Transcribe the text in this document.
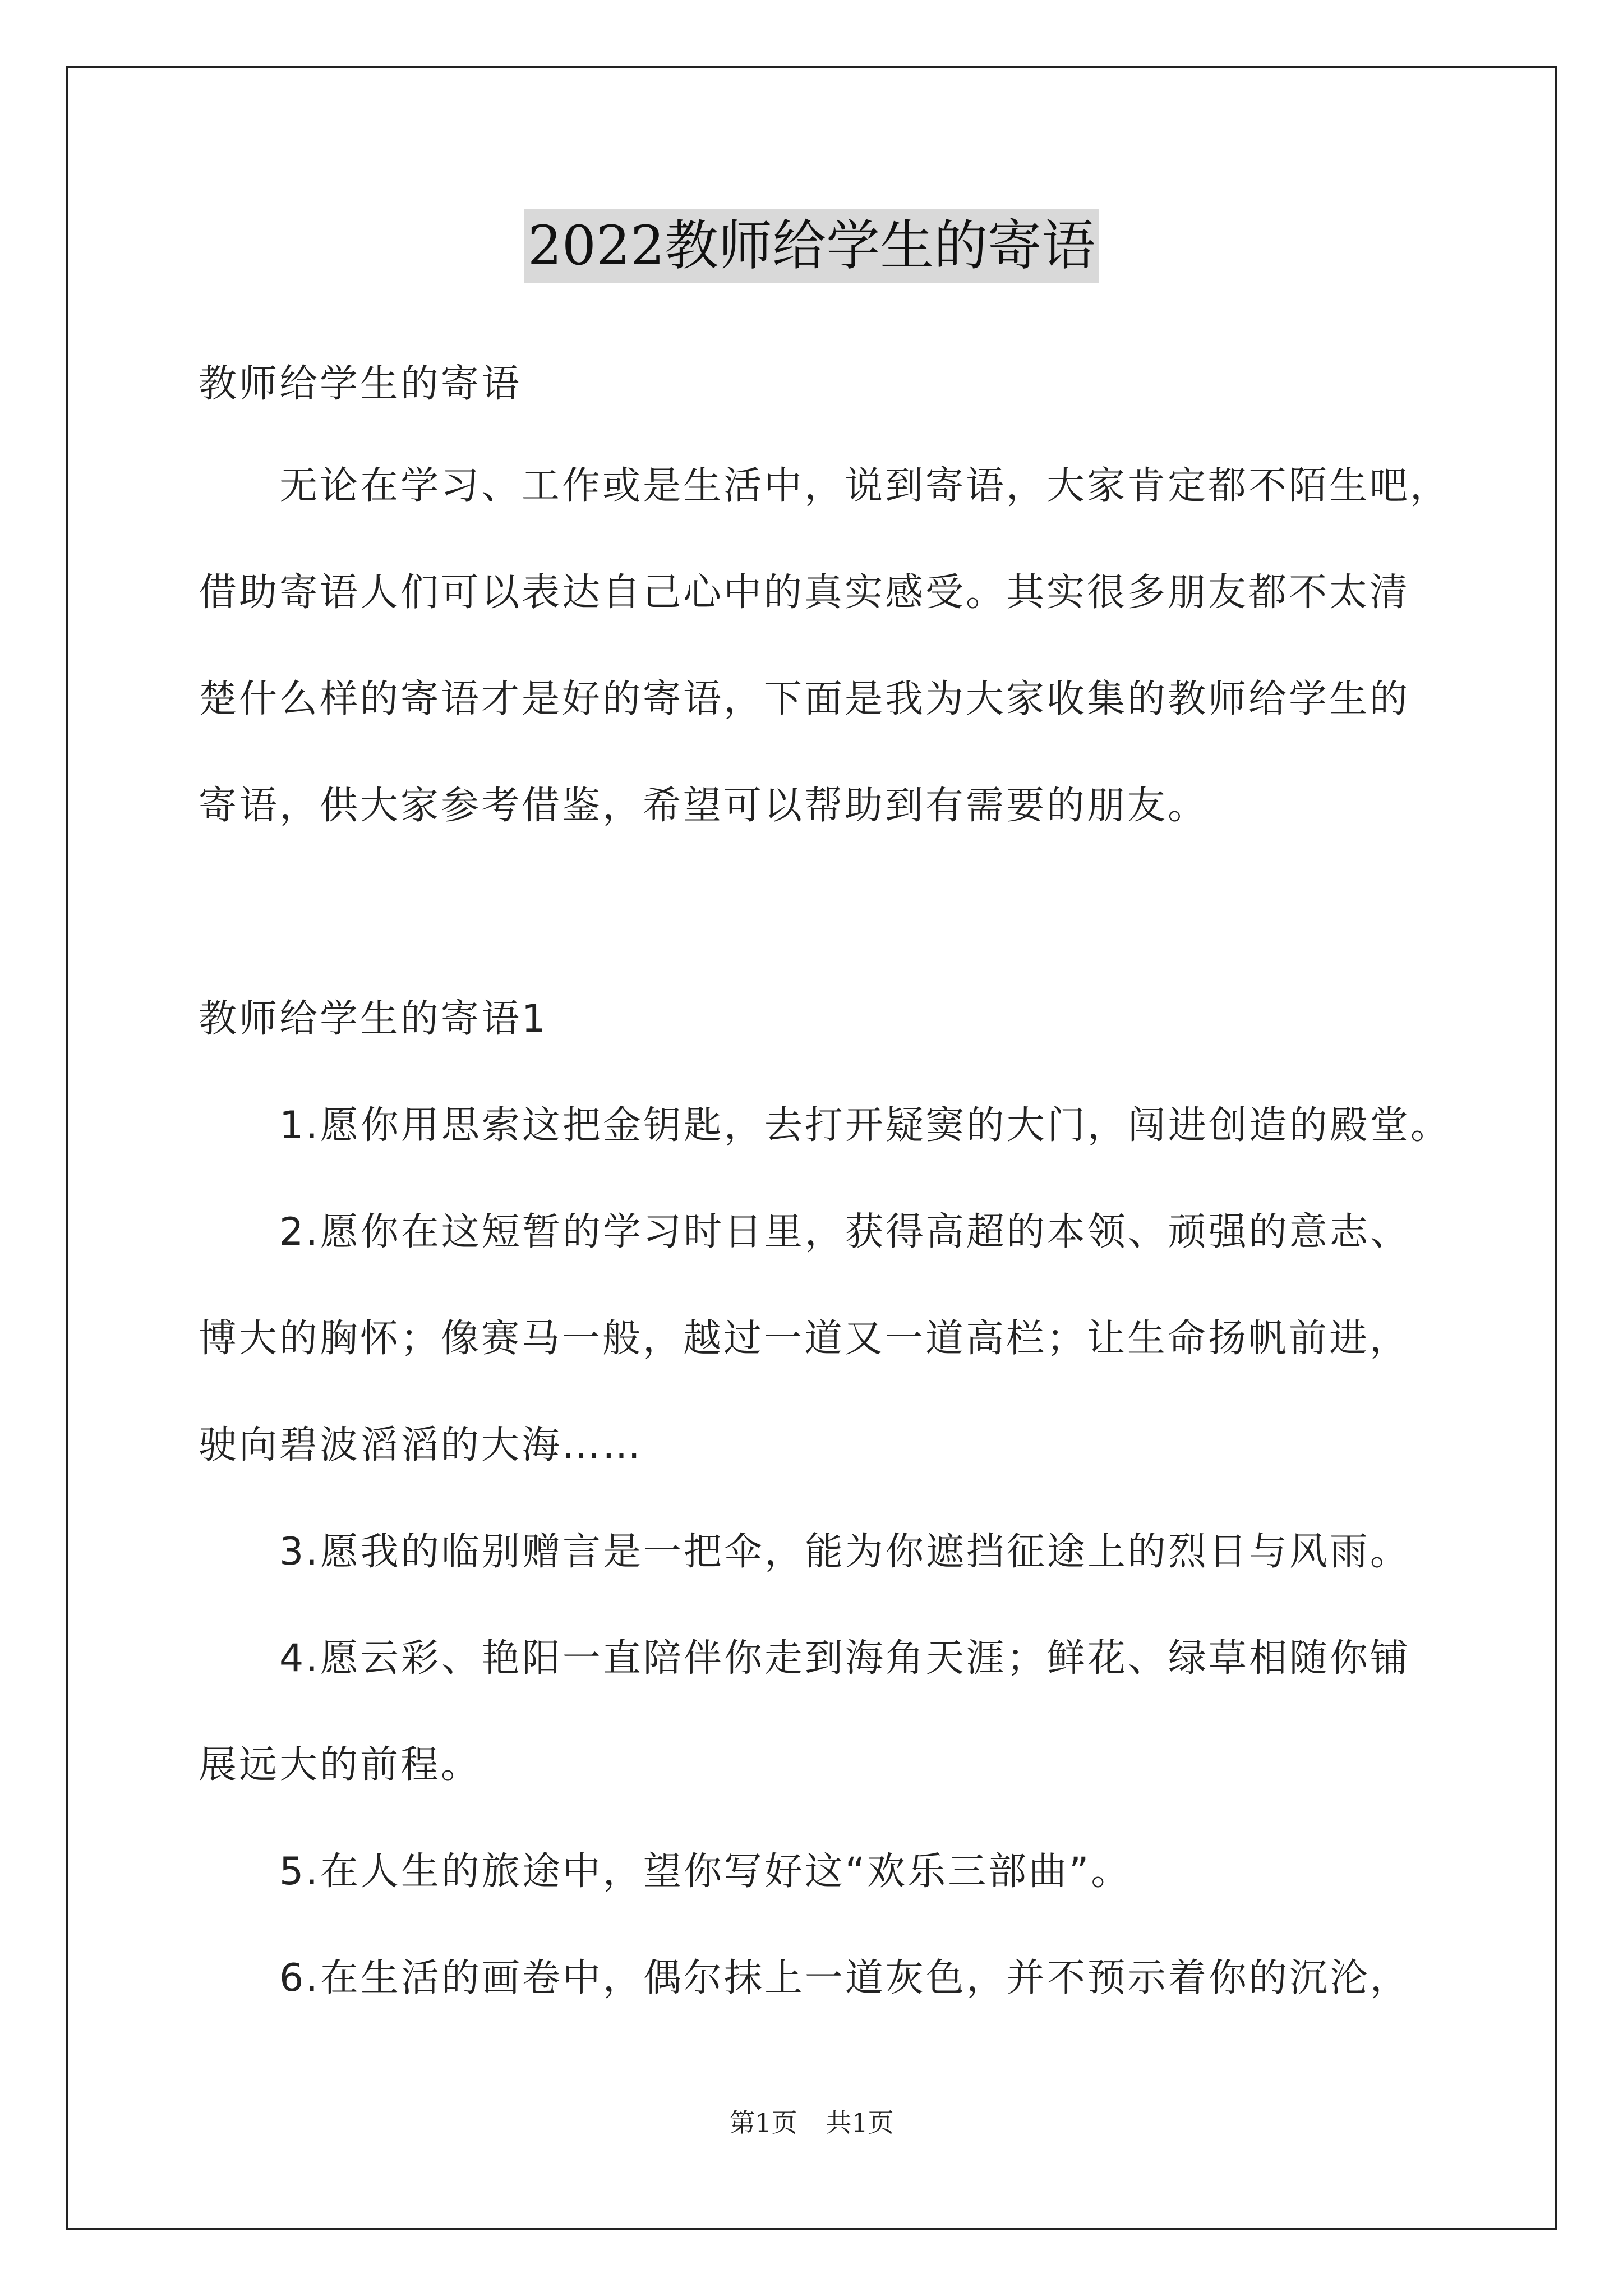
2022教师给学生的寄语
教师给学生的寄语
无论在学习、工作或是生活中，说到寄语，大家肯定都不陌生吧，
借助寄语人们可以表达自己心中的真实感受。其实很多朋友都不太清
楚什么样的寄语才是好的寄语，下面是我为大家收集的教师给学生的
寄语，供大家参考借鉴，希望可以帮助到有需要的朋友。
教师给学生的寄语1
1.愿你用思索这把金钥匙，去打开疑窦的大门，闯进创造的殿堂。
2.愿你在这短暂的学习时日里，获得高超的本领、顽强的意志、
博大的胸怀；像赛马一般，越过一道又一道高栏；让生命扬帆前进，
驶向碧波滔滔的大海……
3.愿我的临别赠言是一把伞，能为你遮挡征途上的烈日与风雨。
4.愿云彩、艳阳一直陪伴你走到海角天涯；鲜花、绿草相随你铺
展远大的前程。
5.在人生的旅途中，望你写好这“欢乐三部曲”。
6.在生活的画卷中，偶尔抹上一道灰色，并不预示着你的沉沦，
第1页 共1页
